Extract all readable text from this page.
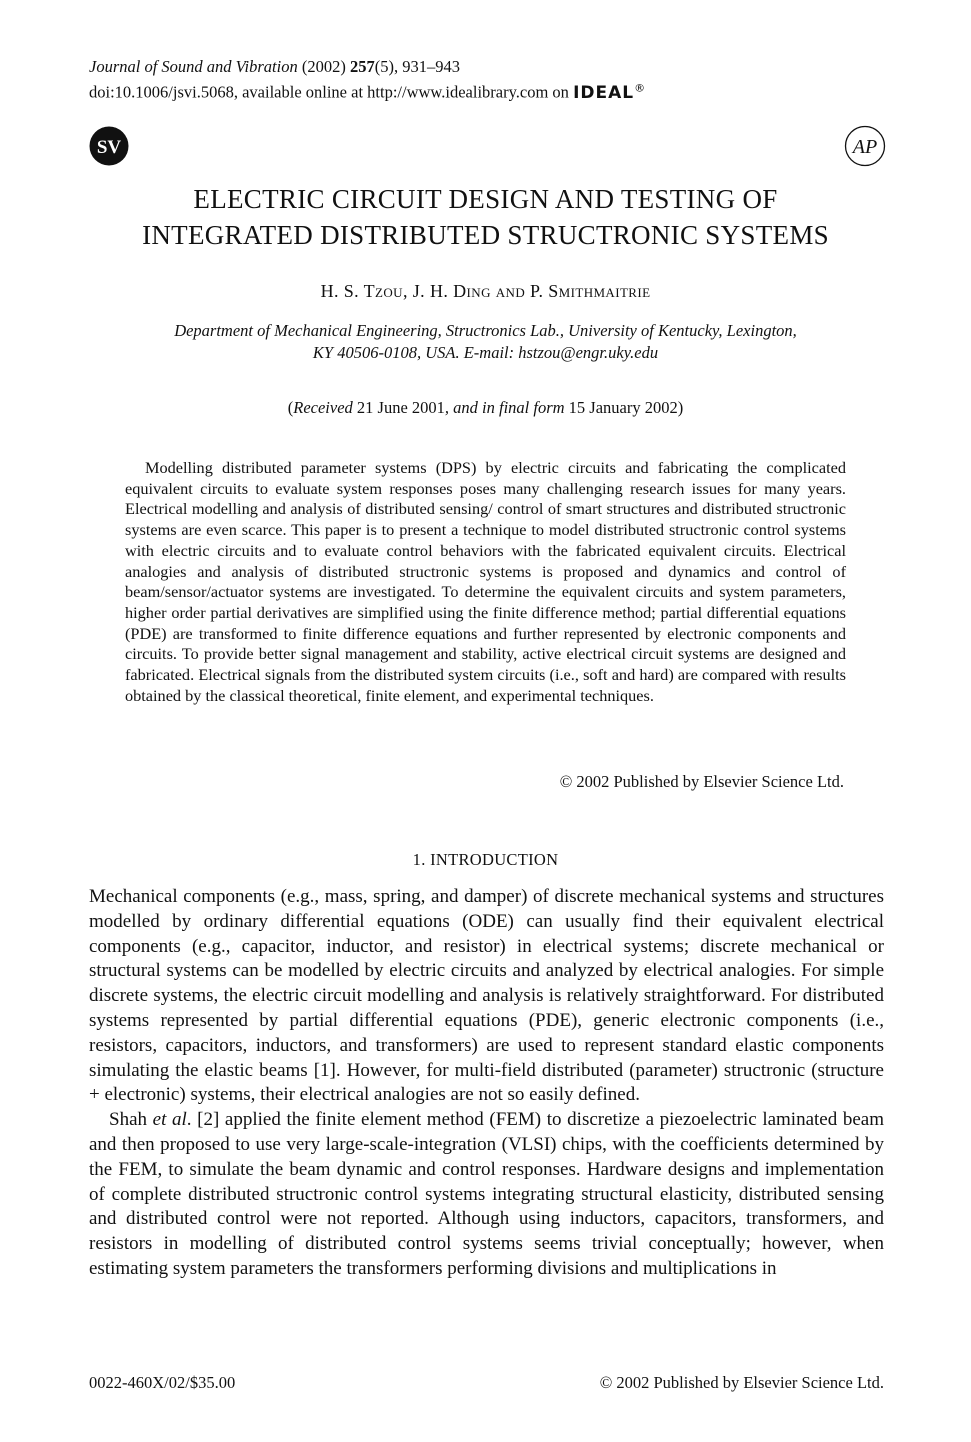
Journal of Sound and Vibration (2002) 257(5), 931–943
doi:10.1006/jsvi.5068, available online at http://www.idealibrary.com on IDEAL®
SV	AP
ELECTRIC CIRCUIT DESIGN AND TESTING OF
INTEGRATED DISTRIBUTED STRUCTRONIC SYSTEMS
H. S. Tzou, J. H. Ding and P. Smithmaitrie
Department of Mechanical Engineering, Structronics Lab., University of Kentucky, Lexington,
KY 40506-0108, USA. E-mail: hstzou@engr.uky.edu
(Received 21 June 2001, and in final form 15 January 2002)
Modelling distributed parameter systems (DPS) by electric circuits and fabricating the complicated equivalent circuits to evaluate system responses poses many challenging research issues for many years. Electrical modelling and analysis of distributed sensing/ control of smart structures and distributed structronic systems are even scarce. This paper is to present a technique to model distributed structronic control systems with electric circuits and to evaluate control behaviors with the fabricated equivalent circuits. Electrical analogies and analysis of distributed structronic systems is proposed and dynamics and control of beam/sensor/actuator systems are investigated. To determine the equivalent circuits and system parameters, higher order partial derivatives are simplified using the finite difference method; partial differential equations (PDE) are transformed to finite difference equations and further represented by electronic components and circuits. To provide better signal management and stability, active electrical circuit systems are designed and fabricated. Electrical signals from the distributed system circuits (i.e., soft and hard) are compared with results obtained by the classical theoretical, finite element, and experimental techniques.
© 2002 Published by Elsevier Science Ltd.
1. INTRODUCTION

Mechanical components (e.g., mass, spring, and damper) of discrete mechanical systems and structures modelled by ordinary differential equations (ODE) can usually find their equivalent electrical components (e.g., capacitor, inductor, and resistor) in electrical systems; discrete mechanical or structural systems can be modelled by electric circuits and analyzed by electrical analogies. For simple discrete systems, the electric circuit modelling and analysis is relatively straightforward. For distributed systems represented by partial differential equations (PDE), generic electronic components (i.e., resistors, capacitors, inductors, and transformers) are used to represent standard elastic components simulating the elastic beams [1]. However, for multi-field distributed (parameter) structronic (structure + electronic) systems, their electrical analogies are not so easily defined.

Shah et al. [2] applied the finite element method (FEM) to discretize a piezoelectric laminated beam and then proposed to use very large-scale-integration (VLSI) chips, with the coefficients determined by the FEM, to simulate the beam dynamic and control responses. Hardware designs and implementation of complete distributed structronic control systems integrating structural elasticity, distributed sensing and distributed control were not reported. Although using inductors, capacitors, transformers, and resistors in modelling of distributed control systems seems trivial conceptually; however, when estimating system parameters the transformers performing divisions and multiplications in

0022-460X/02/$35.00	© 2002 Published by Elsevier Science Ltd.
